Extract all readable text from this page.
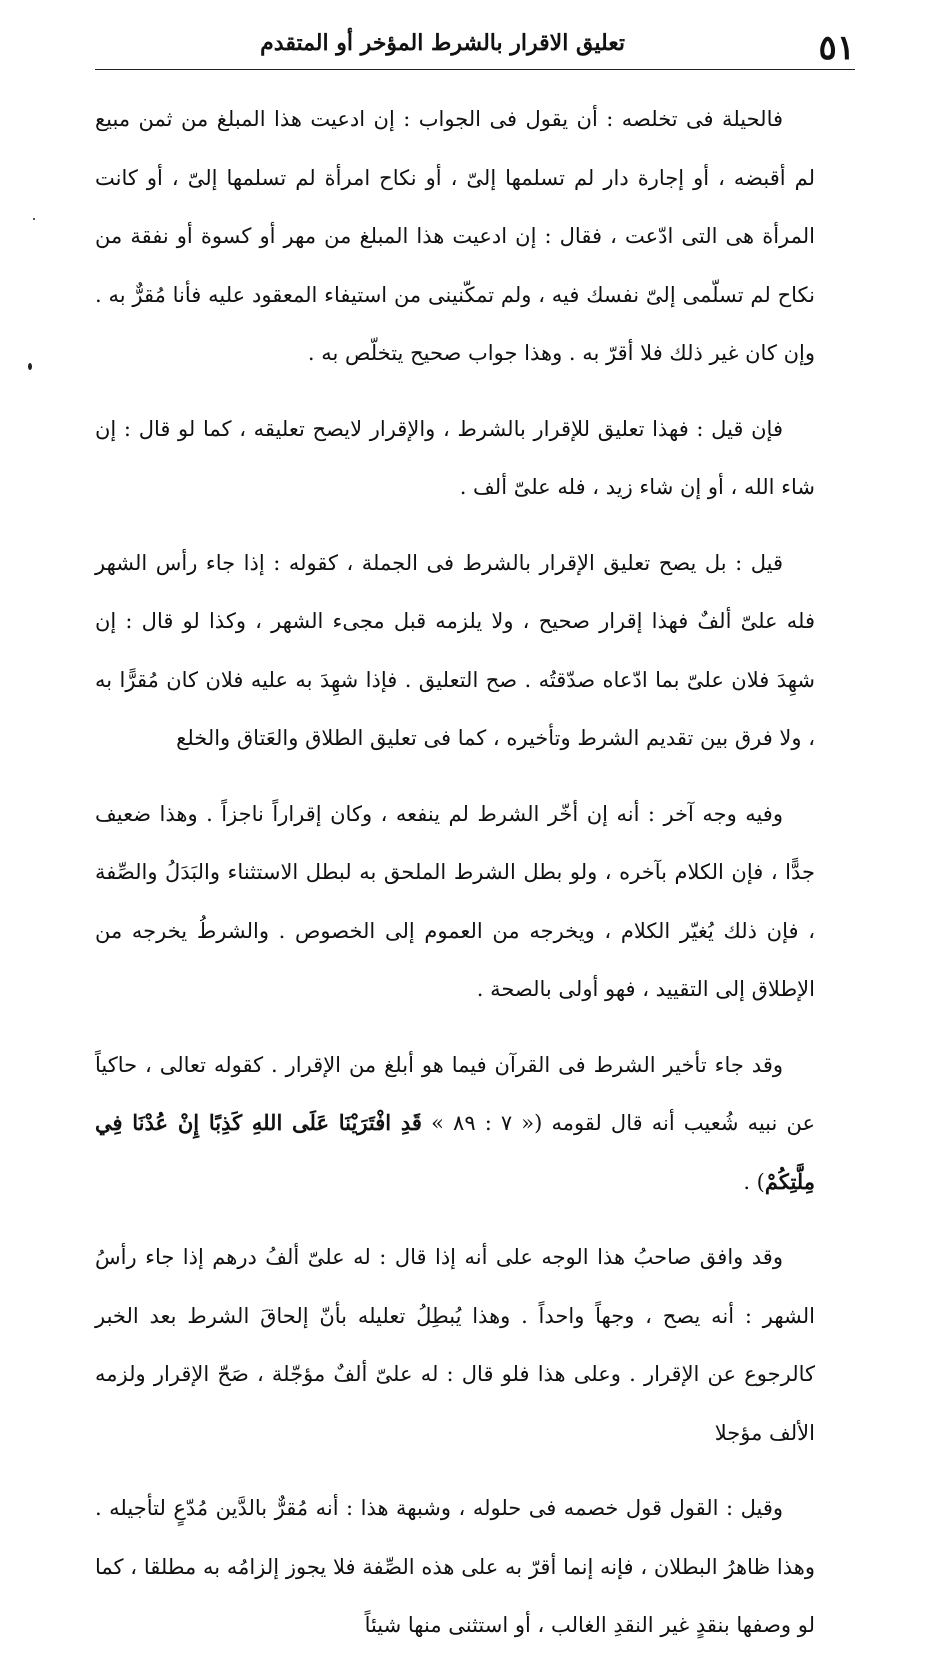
٥١
تعليق الاقرار بالشرط المؤخر أو المتقدم

فالحيلة فى تخلصه : أن يقول فى الجواب : إن ادعيت هذا المبلغ من ثمن مبيع لم أقبضه ، أو إجارة دار لم تسلمها إلىّ ، أو نكاح امرأة لم تسلمها إلىّ ، أو كانت المرأة هى التى ادّعت ، فقال : إن ادعيت هذا المبلغ من مهر أو كسوة أو نفقة من نكاح لم تسلّمى إلىّ نفسك فيه ، ولم تمكّنينى من استيفاء المعقود عليه فأنا مُقرٌّ به . وإن كان غير ذلك فلا أقرّ به . وهذا جواب صحيح يتخلّص به .

فإن قيل : فهذا تعليق للإقرار بالشرط ، والإقرار لايصح تعليقه ، كما لو قال : إن شاء الله ، أو إن شاء زيد ، فله علىّ ألف .

قيل : بل يصح تعليق الإقرار بالشرط فى الجملة ، كقوله : إذا جاء رأس الشهر فله علىّ ألفٌ فهذا إقرار صحيح ، ولا يلزمه قبل مجىء الشهر ، وكذا لو قال : إن شهِدَ فلان علىّ بما ادّعاه صدّقتُه . صح التعليق . فإذا شهِدَ به عليه فلان كان مُقرًّا به ، ولا فرق بين تقديم الشرط وتأخيره ، كما فى تعليق الطلاق والعَتاق والخلع

وفيه وجه آخر : أنه إن أخّر الشرط لم ينفعه ، وكان إقراراً ناجزاً . وهذا ضعيف جدًّا ، فإن الكلام بآخره ، ولو بطل الشرط الملحق به لبطل الاستثناء والبَدَلُ والصِّفة ، فإن ذلك يُغيّر الكلام ، ويخرجه من العموم إلى الخصوص . والشرطُ يخرجه من الإطلاق إلى التقييد ، فهو أولى بالصحة .

وقد جاء تأخير الشرط فى القرآن فيما هو أبلغ من الإقرار . كقوله تعالى ، حاكياً عن نبيه شُعيب أنه قال لقومه (« ٧ : ٨٩ » قَدِ افْتَرَيْنَا عَلَى اللهِ كَذِبًا إِنْ عُدْنَا فِي مِلَّتِكُمْ) .

وقد وافق صاحبُ هذا الوجه على أنه إذا قال : له علىّ ألفُ درهم إذا جاء رأسُ الشهر : أنه يصح ، وجهاً واحداً . وهذا يُبطِلُ تعليله بأنّ إلحاقَ الشرط بعد الخبر كالرجوع عن الإقرار . وعلى هذا فلو قال : له علىّ ألفٌ مؤجّلة ، صَحّ الإقرار ولزمه الألف مؤجلا

وقيل : القول قول خصمه فى حلوله ، وشبهة هذا : أنه مُقرٌّ بالدَّين مُدّعٍ لتأجيله . وهذا ظاهرُ البطلان ، فإنه إنما أقرّ به على هذه الصِّفة فلا يجوز إلزامُه به مطلقا ، كما لو وصفها بنقدٍ غير النقدِ الغالب ، أو استثنى منها شيئاً
